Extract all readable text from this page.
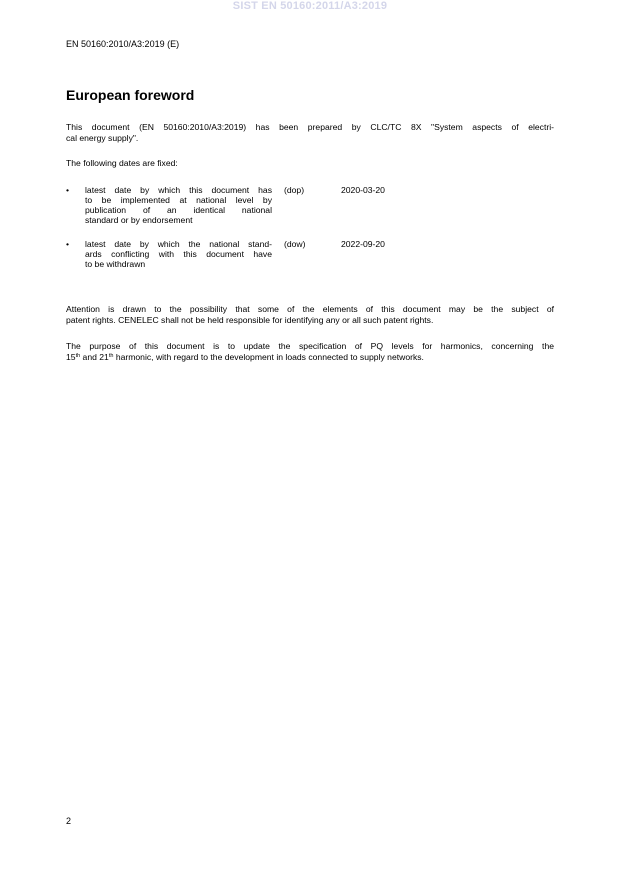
SIST EN 50160:2011/A3:2019
EN 50160:2010/A3:2019 (E)
European foreword
This document (EN 50160:2010/A3:2019) has been prepared by CLC/TC 8X "System aspects of electri-
cal energy supply".
The following dates are fixed:
• latest date by which this document has
to be implemented at national level by
publication of an identical national
standard or by endorsement
(dop)	2020-03-20
• latest date by which the national stand-
ards conflicting with this document have
to be withdrawn
(dow)	2022-09-20
Attention is drawn to the possibility that some of the elements of this document may be the subject of
patent rights. CENELEC shall not be held responsible for identifying any or all such patent rights.
The purpose of this document is to update the specification of PQ levels for harmonics, concerning the
15th and 21th harmonic, with regard to the development in loads connected to supply networks.
2
